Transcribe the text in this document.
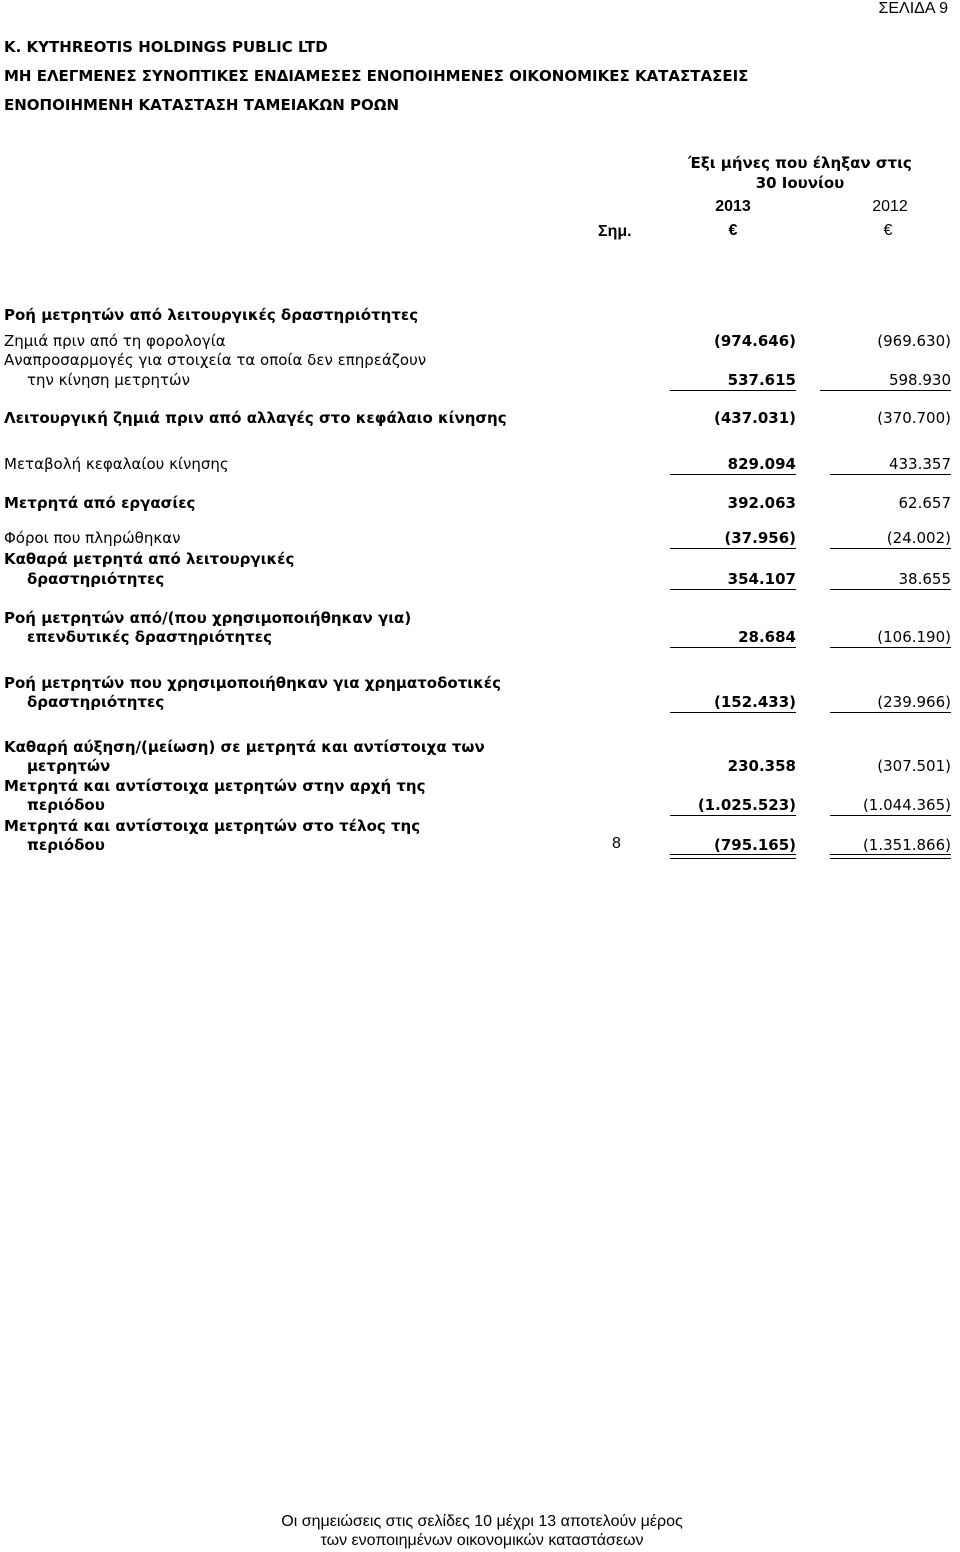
ΣΕΛΙΔΑ 9
K. KYTHREOTIS HOLDINGS PUBLIC LTD
ΜΗ ΕΛΕΓΜΕΝΕΣ ΣΥΝΟΠΤΙΚΕΣ ΕΝΔΙΑΜΕΣΕΣ ΕΝΟΠΟΙΗΜΕΝΕΣ ΟΙΚΟΝΟΜΙΚΕΣ ΚΑΤΑΣΤΑΣΕΙΣ
ΕΝΟΠΟΙΗΜΕΝΗ ΚΑΤΑΣΤΑΣΗ ΤΑΜΕΙΑΚΩΝ ΡΟΩΝ
Έξι μήνες που έληξαν στις
30 Ιουνίου
2013	2012
Σημ.	€	€
Ροή μετρητών από λειτουργικές δραστηριότητες
Ζημιά πριν από τη φορολογία	(974.646)	(969.630)
Αναπροσαρμογές για στοιχεία τα οποία δεν επηρεάζουν
την κίνηση μετρητών	537.615	598.930
Λειτουργική ζημιά πριν από αλλαγές στο κεφάλαιο κίνησης	(437.031)	(370.700)
Μεταβολή κεφαλαίου κίνησης	829.094	433.357
Μετρητά από εργασίες	392.063	62.657
Φόροι που πληρώθηκαν	(37.956)	(24.002)
Καθαρά μετρητά από λειτουργικές
δραστηριότητες	354.107	38.655
Ροή μετρητών από/(που χρησιμοποιήθηκαν για)
επενδυτικές δραστηριότητες	28.684	(106.190)
Ροή μετρητών που χρησιμοποιήθηκαν για χρηματοδοτικές
δραστηριότητες	(152.433)	(239.966)
Καθαρή αύξηση/(μείωση) σε μετρητά και αντίστοιχα των
μετρητών	230.358	(307.501)
Μετρητά και αντίστοιχα μετρητών στην αρχή της
περιόδου	(1.025.523)	(1.044.365)
Μετρητά και αντίστοιχα μετρητών στο τέλος της
περιόδου	8	(795.165)	(1.351.866)
Οι σημειώσεις στις σελίδες 10 μέχρι 13 αποτελούν μέρος
των ενοποιημένων οικονομικών καταστάσεων
